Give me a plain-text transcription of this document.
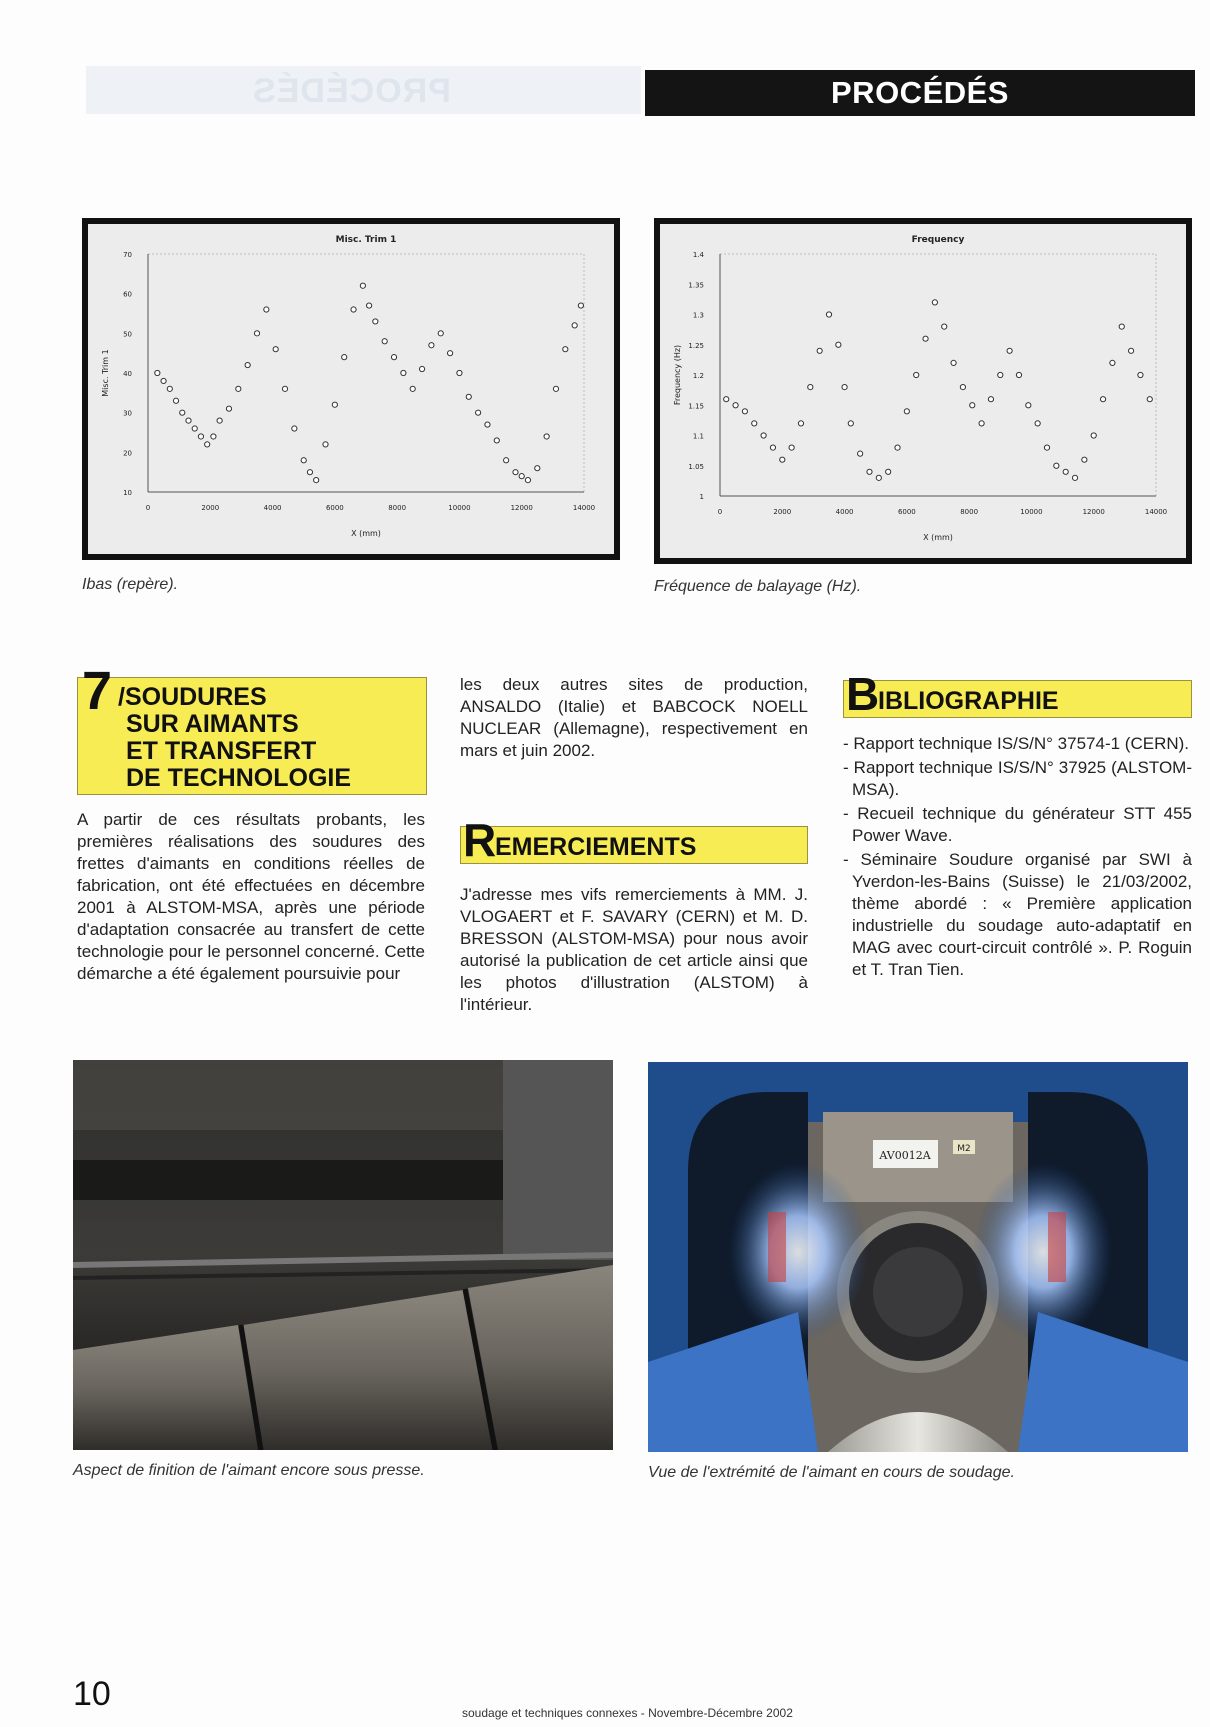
PROCÉDÉS	PROCÉDÉS
Misc. Trim 1
X (mm)
Misc. Trim 1
0	2000	4000	6000	8000	10000	12000	14000
10
20
30
40
50
60
70
Ibas (repère).
Frequency
X (mm)
Frequency (Hz)
0	2000	4000	6000	8000	10000	12000	14000
1
1.05
1.1
1.15
1.2
1.25
1.3
1.35
1.4
Fréquence de balayage (Hz).
7 /SOUDURES
SUR AIMANTS
ET TRANSFERT
DE TECHNOLOGIE

A partir de ces résultats probants, les premières réalisations des soudures des frettes d'aimants en conditions réelles de fabrication, ont été effectuées en décembre 2001 à ALSTOM-MSA, après une période d'adaptation consacrée au transfert de cette technologie pour le personnel concerné. Cette démarche a été également poursuivie pour

les deux autres sites de production, ANSALDO (Italie) et BABCOCK NOELL NUCLEAR (Allemagne), respectivement en mars et juin 2002.

R
EMERCIEMENTS

J'adresse mes vifs remerciements à MM. J. VLOGAERT et F. SAVARY (CERN) et M. D. BRESSON (ALSTOM-MSA) pour nous avoir autorisé la publication de cet article ainsi que les photos d'illustration (ALSTOM) à l'intérieur.

B
IBLIOGRAPHIE
- Rapport technique IS/S/N° 37574-1 (CERN).
- Rapport technique IS/S/N° 37925 (ALSTOM-MSA).
- Recueil technique du générateur STT 455 Power Wave.
- Séminaire Soudure organisé par SWI à Yverdon-les-Bains (Suisse) le 21/03/2002, thème abordé : « Première application industrielle du soudage auto-adaptatif en MAG avec court-circuit contrôlé ». P. Roguin et T. Tran Tien.
Aspect de finition de l'aimant encore sous presse.
AV0012A	M2
Vue de l'extrémité de l'aimant en cours de soudage.
10	soudage et techniques connexes - Novembre-Décembre 2002
